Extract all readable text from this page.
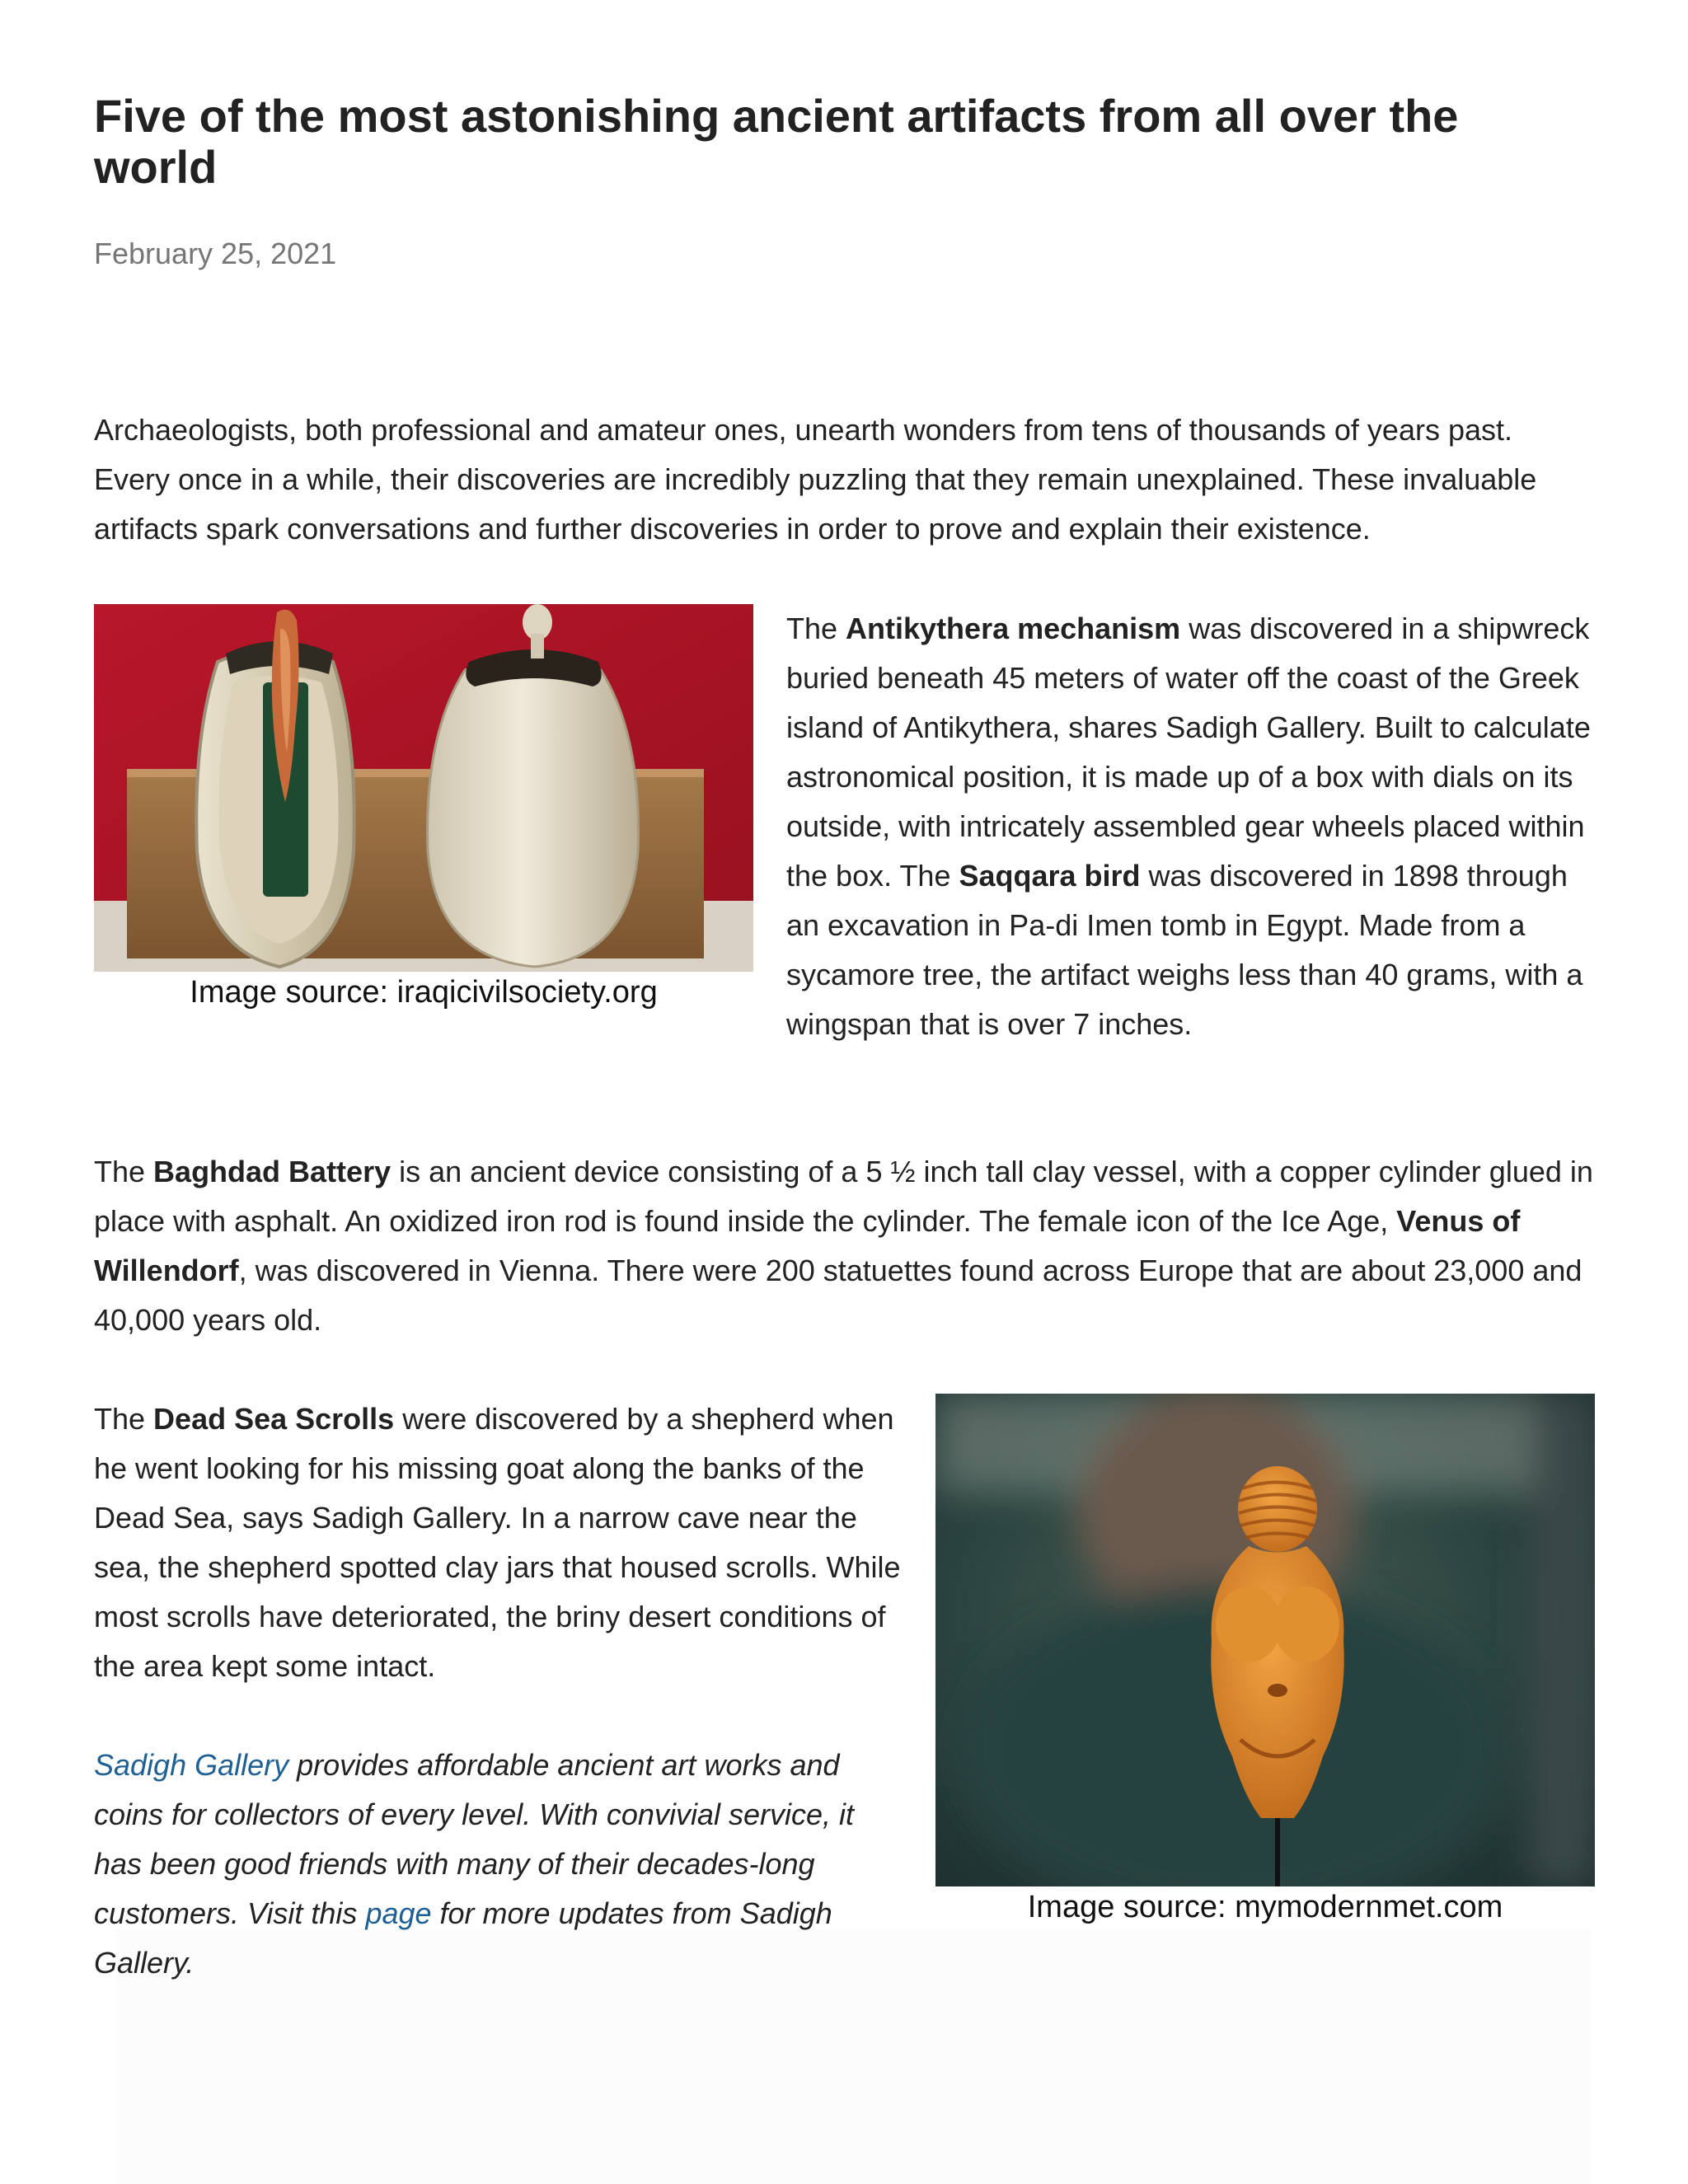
Five of the most astonishing ancient artifacts from all over the world
February 25, 2021

Archaeologists, both professional and amateur ones, unearth wonders from tens of thousands of years past. Every once in a while, their discoveries are incredibly puzzling that they remain unexplained. These invaluable artifacts spark conversations and further discoveries in order to prove and explain their existence.

Image source: iraqicivilsociety.org

The Antikythera mechanism was discovered in a shipwreck buried beneath 45 meters of water off the coast of the Greek island of Antikythera, shares Sadigh Gallery. Built to calculate astronomical position, it is made up of a box with dials on its outside, with intricately assembled gear wheels placed within the box. The Saqqara bird was discovered in 1898 through an excavation in Pa-di Imen tomb in Egypt. Made from a sycamore tree, the artifact weighs less than 40 grams, with a wingspan that is over 7 inches.

The Baghdad Battery is an ancient device consisting of a 5 ½ inch tall clay vessel, with a copper cylinder glued in place with asphalt. An oxidized iron rod is found inside the cylinder. The female icon of the Ice Age, Venus of Willendorf, was discovered in Vienna. There were 200 statuettes found across Europe that are about 23,000 and 40,000 years old.

The Dead Sea Scrolls were discovered by a shepherd when he went looking for his missing goat along the banks of the Dead Sea, says Sadigh Gallery. In a narrow cave near the sea, the shepherd spotted clay jars that housed scrolls. While most scrolls have deteriorated, the briny desert conditions of the area kept some intact.

Sadigh Gallery provides affordable ancient art works and coins for collectors of every level. With convivial service, it has been good friends with many of their decades-long customers. Visit this page for more updates from Sadigh Gallery.

Image source: mymodernmet.com
